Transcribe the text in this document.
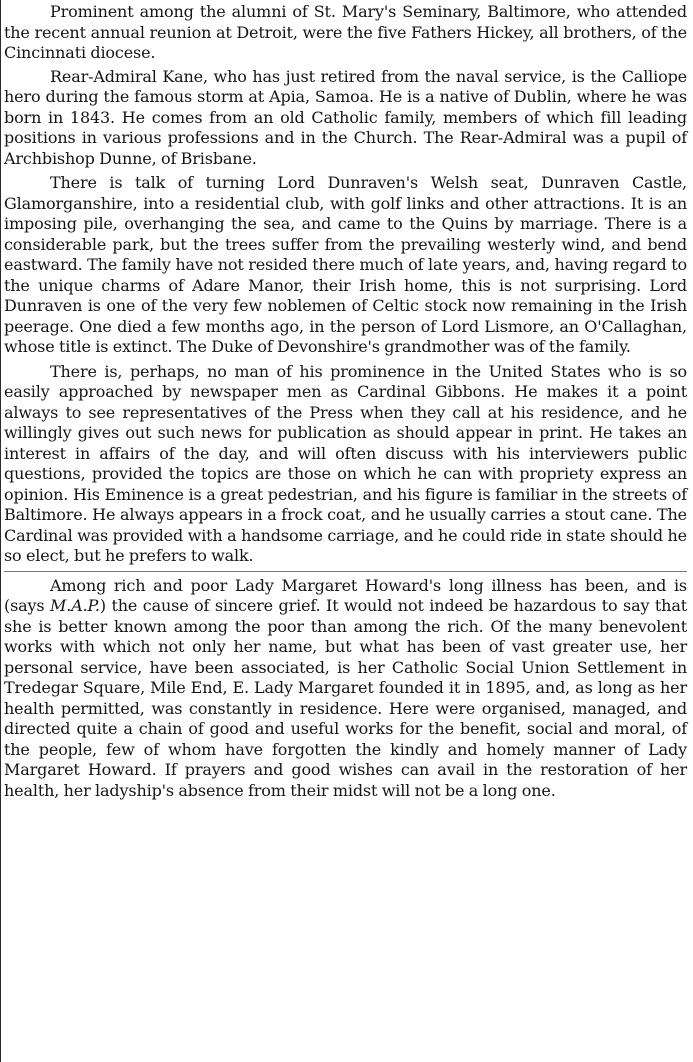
Prominent among the alumni of St. Mary's Seminary, Baltimore, who attended the recent annual reunion at Detroit, were the five Fathers Hickey, all brothers, of the Cincinnati diocese.

Rear-Admiral Kane, who has just retired from the naval service, is the Calliope hero during the famous storm at Apia, Samoa. He is a native of Dublin, where he was born in 1843. He comes from an old Catholic family, members of which fill leading positions in various professions and in the Church. The Rear-Admiral was a pupil of Archbishop Dunne, of Brisbane.

There is talk of turning Lord Dunraven's Welsh seat, Dunraven Castle, Glamorganshire, into a residential club, with golf links and other attractions. It is an imposing pile, overhanging the sea, and came to the Quins by marriage. There is a considerable park, but the trees suffer from the prevailing westerly wind, and bend eastward. The family have not resided there much of late years, and, having regard to the unique charms of Adare Manor, their Irish home, this is not surprising. Lord Dunraven is one of the very few noblemen of Celtic stock now remaining in the Irish peerage. One died a few months ago, in the person of Lord Lismore, an O'Callaghan, whose title is extinct. The Duke of Devonshire's grandmother was of the family.

There is, perhaps, no man of his prominence in the United States who is so easily approached by newspaper men as Cardinal Gibbons. He makes it a point always to see representatives of the Press when they call at his residence, and he willingly gives out such news for publication as should appear in print. He takes an interest in affairs of the day, and will often discuss with his interviewers public questions, provided the topics are those on which he can with propriety express an opinion. His Eminence is a great pedestrian, and his figure is familiar in the streets of Baltimore. He always appears in a frock coat, and he usually carries a stout cane. The Cardinal was provided with a handsome carriage, and he could ride in state should he so elect, but he prefers to walk.

Among rich and poor Lady Margaret Howard's long illness has been, and is (says M.A.P.) the cause of sincere grief. It would not indeed be hazardous to say that she is better known among the poor than among the rich. Of the many benevolent works with which not only her name, but what has been of vast greater use, her personal service, have been associated, is her Catholic Social Union Settlement in Tredegar Square, Mile End, E. Lady Margaret founded it in 1895, and, as long as her health permitted, was constantly in residence. Here were organised, managed, and directed quite a chain of good and useful works for the benefit, social and moral, of the people, few of whom have forgotten the kindly and homely manner of Lady Margaret Howard. If prayers and good wishes can avail in the restoration of her health, her ladyship's absence from their midst will not be a long one.
